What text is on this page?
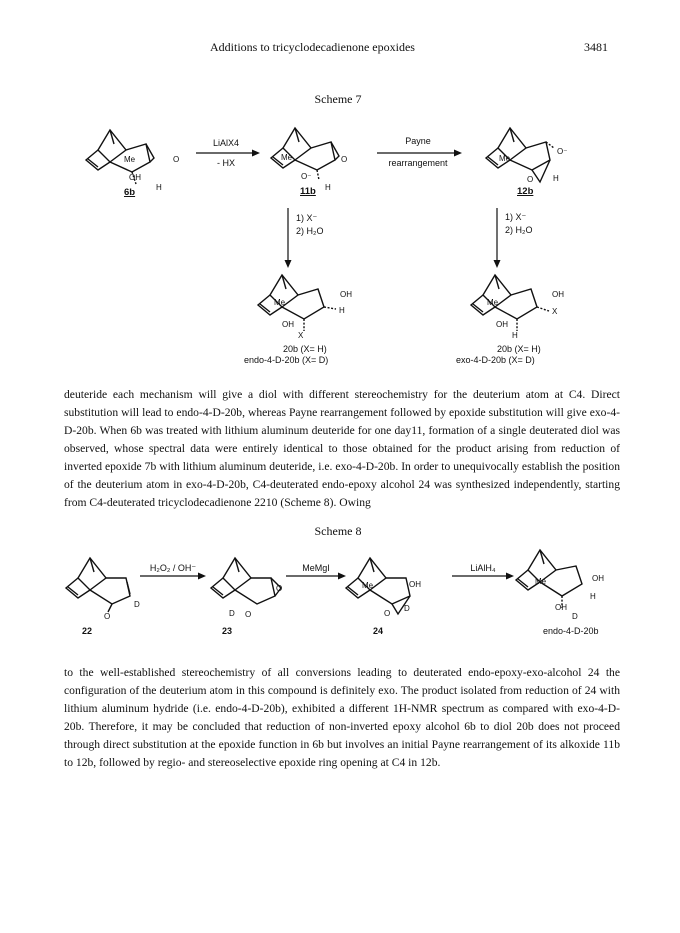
Additions to tricyclodecadienone epoxides	3481
Scheme 7
Me	O
OH
H
6b
Me	O
O⁻
H
11b
Me
O⁻
O H
12b
LiAlX4
- HX
Payne
rearrangement
1) X⁻
2) H₂O
1) X⁻
2) H₂O
Me
OH
H
OH
X
20b (X= H)
endo-4-D-20b (X= D)
Me
OH
X
OH
H
20b (X= H)
exo-4-D-20b (X= D)
deuteride each mechanism will give a diol with different stereochemistry for the deuterium atom at C4. Direct substitution will lead to endo-4-D-20b, whereas Payne rearrangement followed by epoxide substitution will give exo-4-D-20b. When 6b was treated with lithium aluminum deuteride for one day11, formation of a single deuterated diol was observed, whose spectral data were entirely identical to those obtained for the product arising from reduction of inverted epoxide 7b with lithium aluminum deuteride, i.e. exo-4-D-20b. In order to unequivocally establish the position of the deuterium atom in exo-4-D-20b, C4-deuterated endo-epoxy alcohol 24 was synthesized independently, starting from C4-deuterated tricyclodecadienone 2210 (Scheme 8). Owing
Scheme 8
O
D
22
O
O
D
23
Me	OH
O
D
24
Me	OH
H
OH
D
endo-4-D-20b
H₂O₂ / OH⁻	MeMgI	LiAlH₄
to the well-established stereochemistry of all conversions leading to deuterated endo-epoxy-exo-alcohol 24 the configuration of the deuterium atom in this compound is definitely exo. The product isolated from reduction of 24 with lithium aluminum hydride (i.e. endo-4-D-20b), exhibited a different 1H-NMR spectrum as compared with exo-4-D-20b. Therefore, it may be concluded that reduction of non-inverted epoxy alcohol 6b to diol 20b does not proceed through direct substitution at the epoxide function in 6b but involves an initial Payne rearrangement of its alkoxide 11b to 12b, followed by regio- and stereoselective epoxide ring opening at C4 in 12b.
